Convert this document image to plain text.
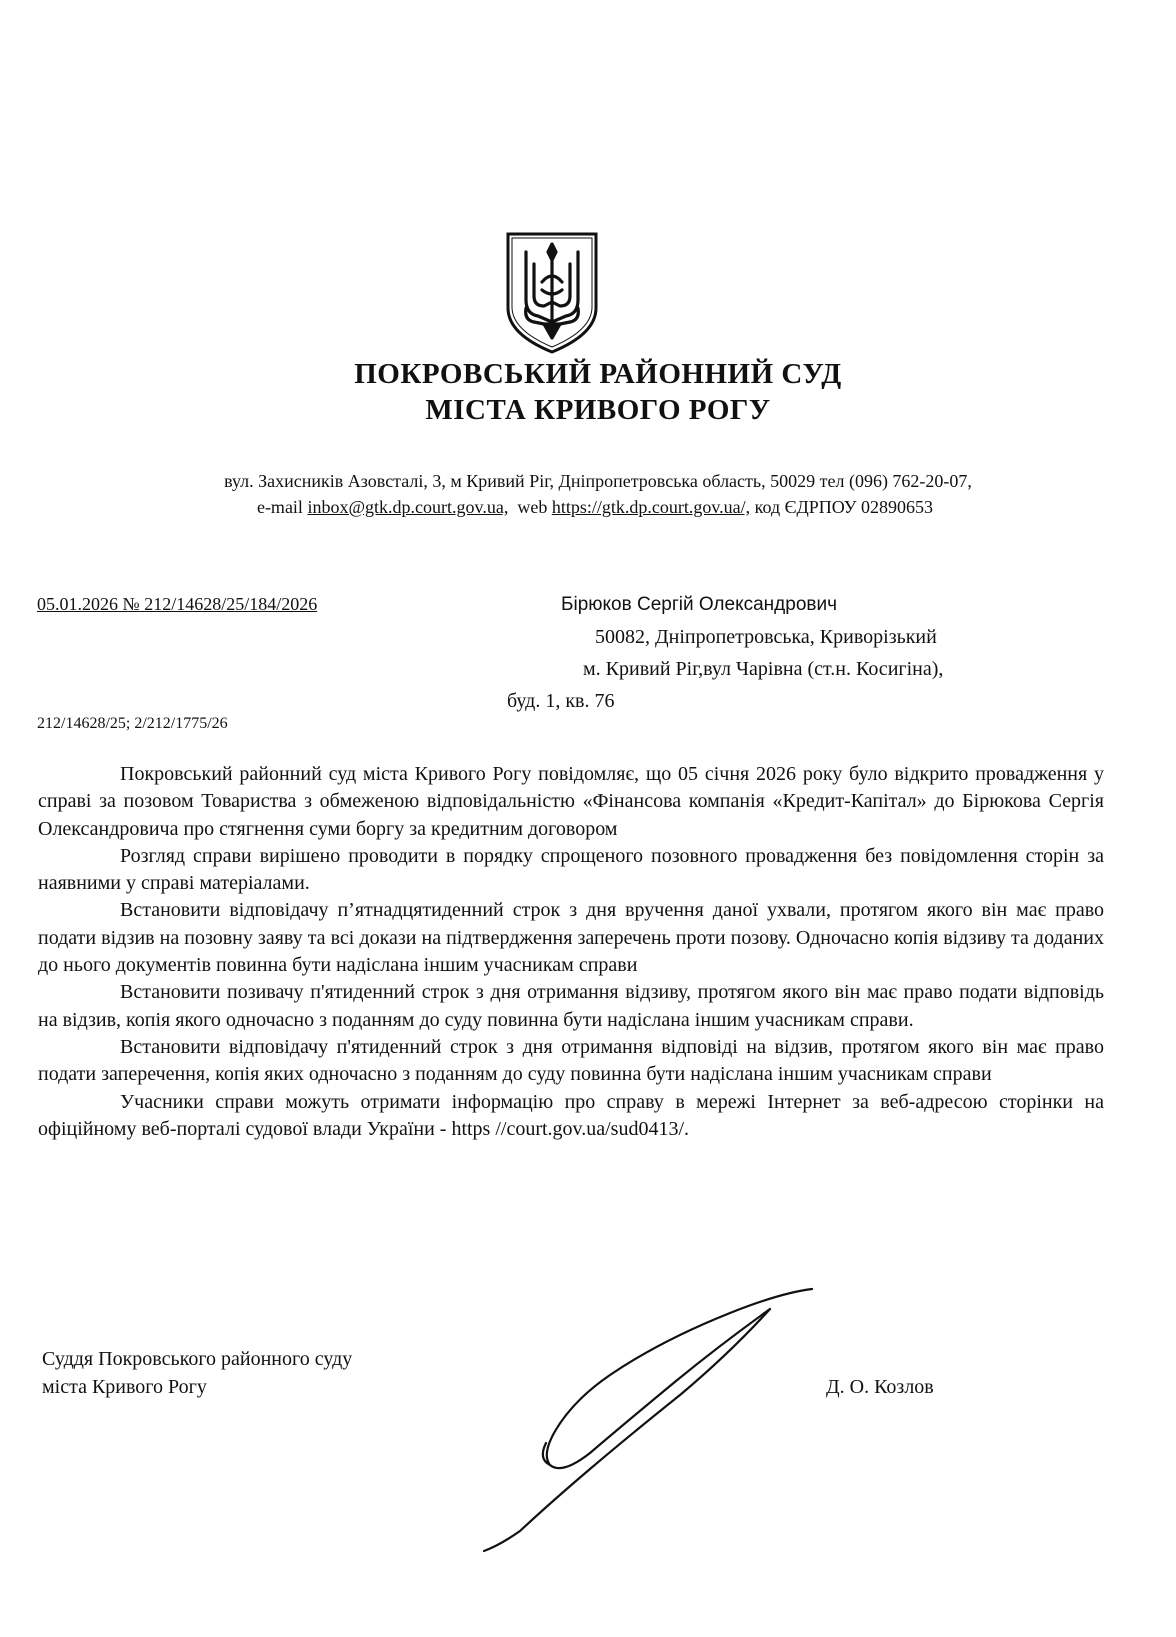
ПОКРОВСЬКИЙ РАЙОННИЙ СУД
МІСТА КРИВОГО РОГУ
вул. Захисників Азовсталі, 3, м Кривий Ріг, Дніпропетровська область, 50029 тел (096) 762-20-07,
e-mail inbox@gtk.dp.court.gov.ua, web https://gtk.dp.court.gov.ua/, код ЄДРПОУ 02890653
05.01.2026 № 212/14628/25/184/2026	Бірюков Сергій Олександрович
50082, Дніпропетровська, Криворізький
м. Кривий Ріг,вул Чарівна (ст.н. Косигіна),
буд. 1, кв. 76
212/14628/25; 2/212/1775/26

Покровський районний суд міста Кривого Рогу повідомляє, що 05 січня 2026 року було відкрито провадження у справі за позовом Товариства з обмеженою відповідальністю «Фінансова компанія «Кредит-Капітал» до Бірюкова Сергія Олександровича про стягнення суми боргу за кредитним договором

Розгляд справи вирішено проводити в порядку спрощеного позовного провадження без повідомлення сторін за наявними у справі матеріалами.

Встановити відповідачу п’ятнадцятиденний строк з дня вручення даної ухвали, протягом якого він має право подати відзив на позовну заяву та всі докази на підтвердження заперечень проти позову. Одночасно копія відзиву та доданих до нього документів повинна бути надіслана іншим учасникам справи

Встановити позивачу п'ятиденний строк з дня отримання відзиву, протягом якого він має право подати відповідь на відзив, копія якого одночасно з поданням до суду повинна бути надіслана іншим учасникам справи.

Встановити відповідачу п'ятиденний строк з дня отримання відповіді на відзив, протягом якого він має право подати заперечення, копія яких одночасно з поданням до суду повинна бути надіслана іншим учасникам справи

Учасники справи можуть отримати інформацію про справу в мережі Інтернет за веб-адресою сторінки на офіційному веб-порталі судової влади України - https //court.gov.ua/sud0413/.

Суддя Покровського районного суду
міста Кривого Рогу	Д. О. Козлов
